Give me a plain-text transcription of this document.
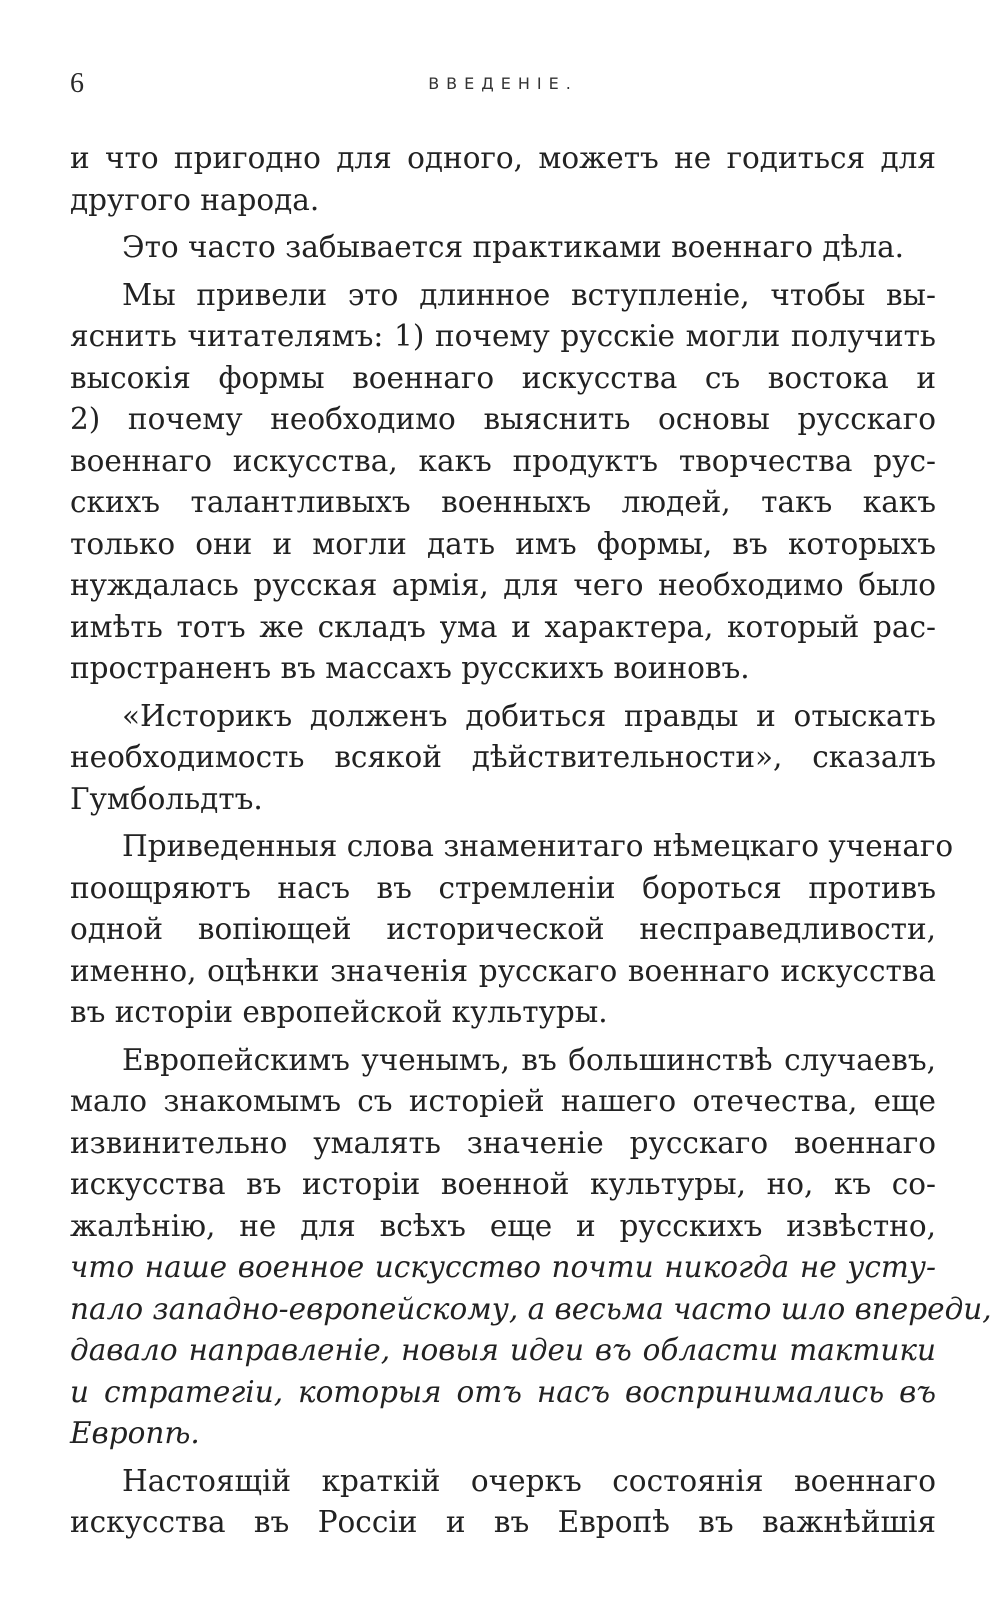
6	ВВЕДЕНІЕ.
и что пригодно для одного, можетъ не годиться для
другого народа.
Это часто забывается практиками военнаго дѣла.
Мы привели это длинное вступленіе, чтобы вы-
яснить читателямъ: 1) почему русскіе могли получить
высокія формы военнаго искусства съ востока и
2) почему необходимо выяснить основы русскаго
военнаго искусства, какъ продуктъ творчества рус-
скихъ талантливыхъ военныхъ людей, такъ какъ
только они и могли дать имъ формы, въ которыхъ
нуждалась русская армія, для чего необходимо было
имѣть тотъ же складъ ума и характера, который рас-
пространенъ въ массахъ русскихъ воиновъ.
«Историкъ долженъ добиться правды и отыскать
необходимость всякой дѣйствительности», сказалъ
Гумбольдтъ.
Приведенныя слова знаменитаго нѣмецкаго ученаго
поощряютъ насъ въ стремленіи бороться противъ
одной вопіющей исторической несправедливости,
именно, оцѣнки значенія русскаго военнаго искусства
въ исторіи европейской культуры.
Европейскимъ ученымъ, въ большинствѣ случаевъ,
мало знакомымъ съ исторіей нашего отечества, еще
извинительно умалять значеніе русскаго военнаго
искусства въ исторіи военной культуры, но, къ со-
жалѣнію, не для всѣхъ еще и русскихъ извѣстно,
что наше военное искусство почти никогда не усту-
пало западно-европейскому, а весьма часто шло впереди,
давало направленіе, новыя идеи въ области тактики
и стратегіи, которыя отъ насъ воспринимались въ
Европѣ.
Настоящій краткій очеркъ состоянія военнаго
искусства въ Россіи и въ Европѣ въ важнѣйшія
